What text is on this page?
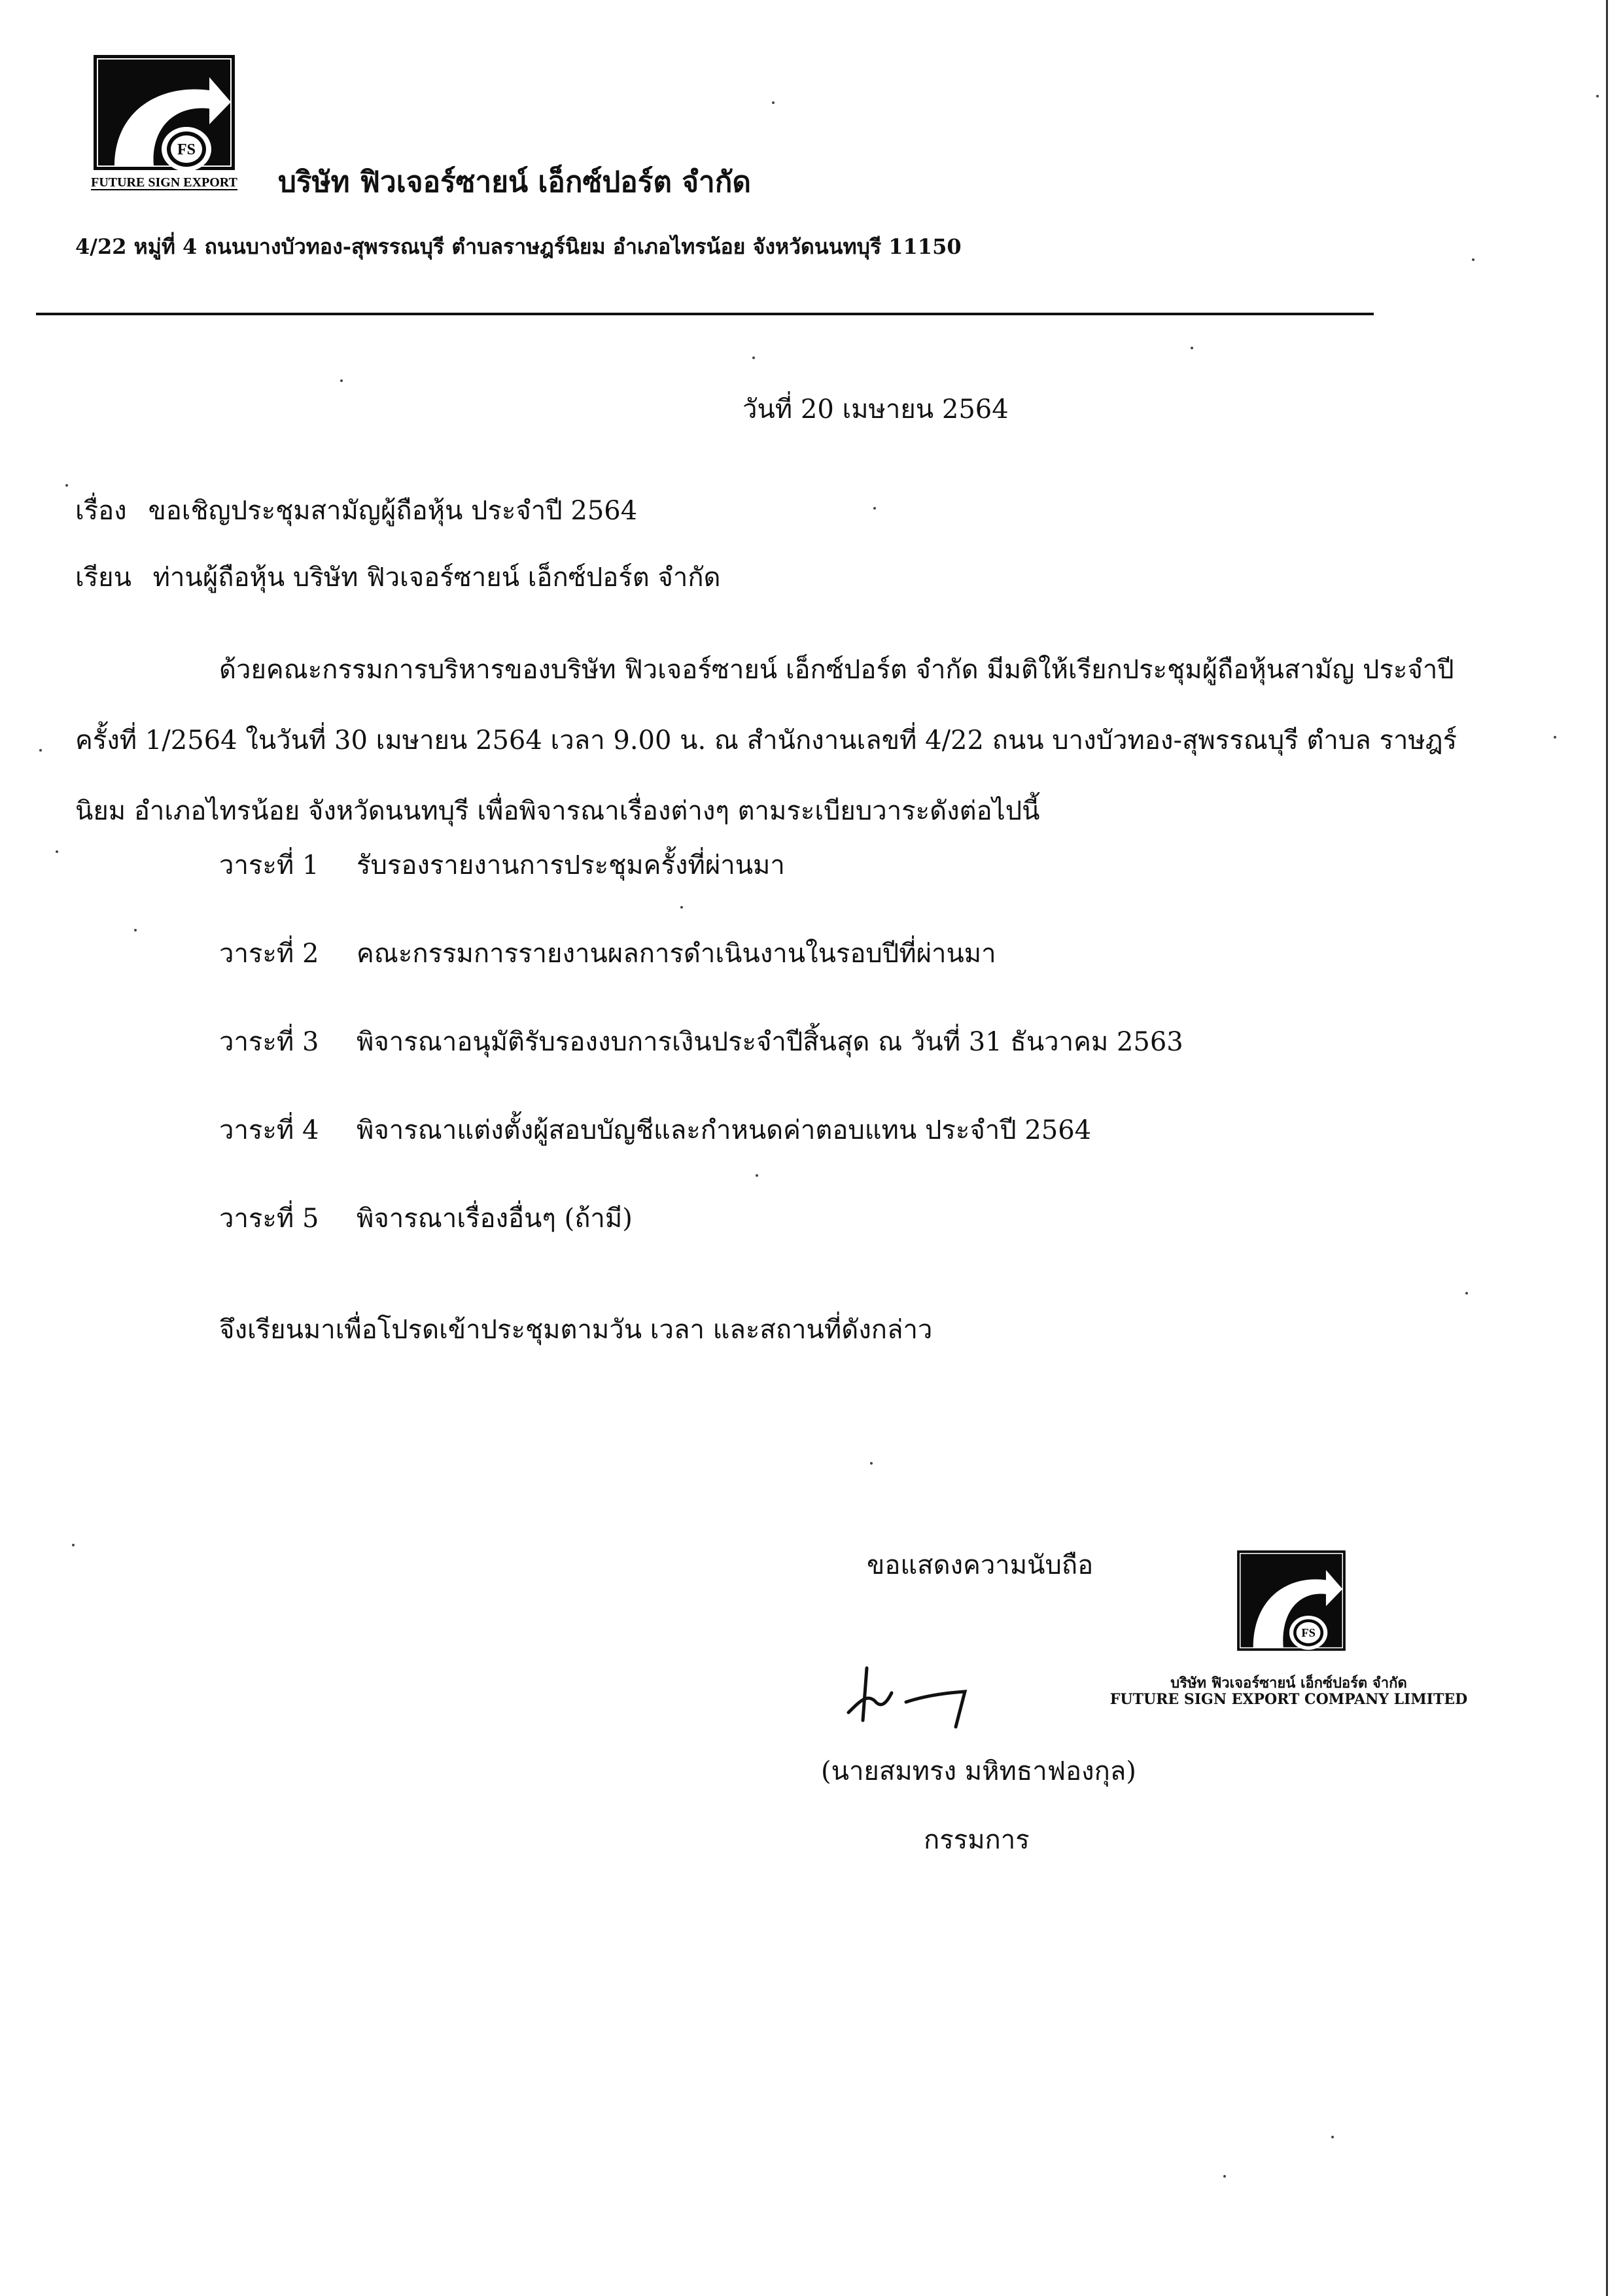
FS
FUTURE SIGN EXPORT บริษัท ฟิวเจอร์ซายน์ เอ็กซ์ปอร์ต จำกัด
4/22 หมู่ที่ 4 ถนนบางบัวทอง-สุพรรณบุรี ตำบลราษฎร์นิยม อำเภอไทรน้อย จังหวัดนนทบุรี 11150
วันที่ 20 เมษายน 2564
เรื่อง ขอเชิญประชุมสามัญผู้ถือหุ้น ประจำปี 2564
เรียน ท่านผู้ถือหุ้น บริษัท ฟิวเจอร์ซายน์ เอ็กซ์ปอร์ต จำกัด
ด้วยคณะกรรมการบริหารของบริษัท ฟิวเจอร์ซายน์ เอ็กซ์ปอร์ต จำกัด มีมติให้เรียกประชุมผู้ถือหุ้นสามัญ ประจำปี ครั้งที่ 1/2564 ในวันที่ 30 เมษายน 2564 เวลา 9.00 น. ณ สำนักงานเลขที่ 4/22 ถนน บางบัวทอง-สุพรรณบุรี ตำบล ราษฎร์นิยม อำเภอไทรน้อย จังหวัดนนทบุรี เพื่อพิจารณาเรื่องต่างๆ ตามระเบียบวาระดังต่อไปนี้
วาระที่ 1 รับรองรายงานการประชุมครั้งที่ผ่านมา
วาระที่ 2 คณะกรรมการรายงานผลการดำเนินงานในรอบปีที่ผ่านมา
วาระที่ 3 พิจารณาอนุมัติรับรองงบการเงินประจำปีสิ้นสุด ณ วันที่ 31 ธันวาคม 2563
วาระที่ 4 พิจารณาแต่งตั้งผู้สอบบัญชีและกำหนดค่าตอบแทน ประจำปี 2564
วาระที่ 5 พิจารณาเรื่องอื่นๆ (ถ้ามี)
จึงเรียนมาเพื่อโปรดเข้าประชุมตามวัน เวลา และสถานที่ดังกล่าว
ขอแสดงความนับถือ
FS
บริษัท ฟิวเจอร์ซายน์ เอ็กซ์ปอร์ต จำกัด
FUTURE SIGN EXPORT COMPANY LIMITED
(นายสมทรง มหิทธาฟองกุล)
กรรมการ
